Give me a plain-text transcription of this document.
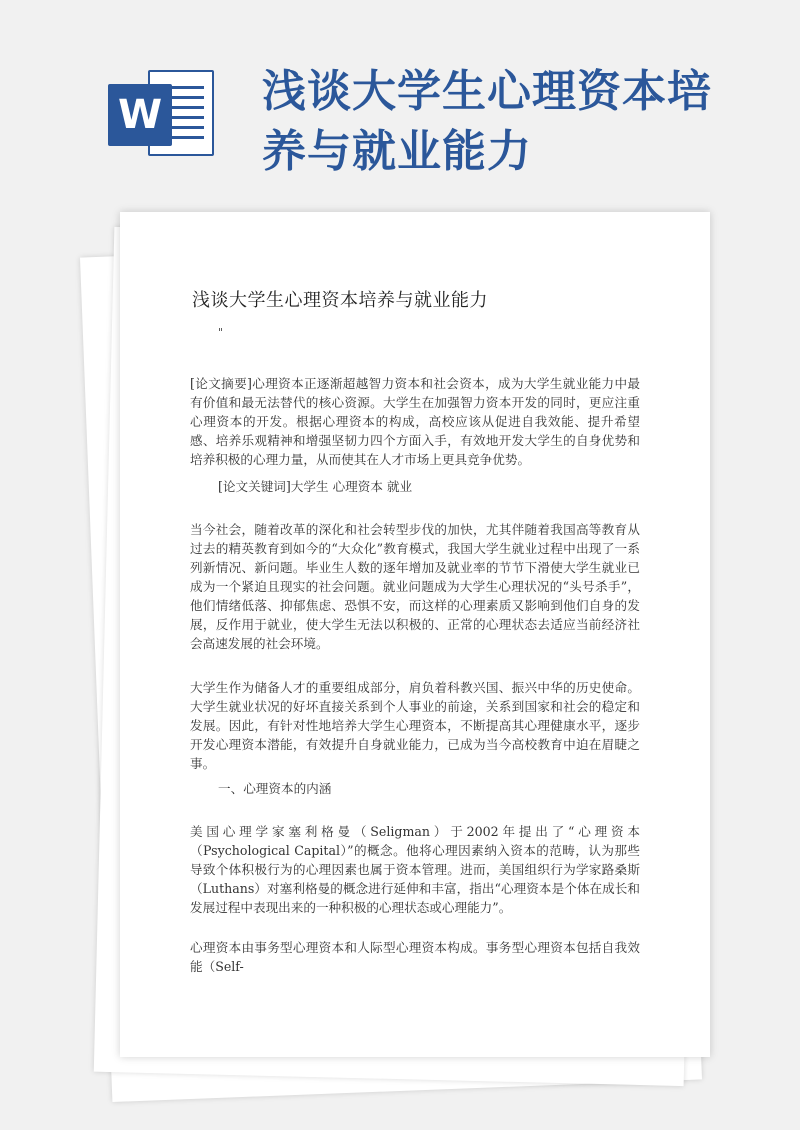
W 浅谈大学生心理资本培养与就业能力
浅谈大学生心理资本培养与就业能力
"
[论文摘要]心理资本正逐渐超越智力资本和社会资本，成为大学生就业能力中最有价值和最无法替代的核心资源。大学生在加强智力资本开发的同时，更应注重心理资本的开发。根据心理资本的构成，高校应该从促进自我效能、提升希望感、培养乐观精神和增强坚韧力四个方面入手，有效地开发大学生的自身优势和培养积极的心理力量，从而使其在人才市场上更具竞争优势。
[论文关键词]大学生 心理资本 就业
当今社会，随着改革的深化和社会转型步伐的加快，尤其伴随着我国高等教育从过去的精英教育到如今的“大众化”教育模式，我国大学生就业过程中出现了一系列新情况、新问题。毕业生人数的逐年增加及就业率的节节下滑使大学生就业已成为一个紧迫且现实的社会问题。就业问题成为大学生心理状况的“头号杀手”，他们情绪低落、抑郁焦虑、恐惧不安，而这样的心理素质又影响到他们自身的发展，反作用于就业，使大学生无法以积极的、正常的心理状态去适应当前经济社会高速发展的社会环境。
大学生作为储备人才的重要组成部分，肩负着科教兴国、振兴中华的历史使命。大学生就业状况的好坏直接关系到个人事业的前途，关系到国家和社会的稳定和发展。因此，有针对性地培养大学生心理资本，不断提高其心理健康水平，逐步开发心理资本潜能，有效提升自身就业能力，已成为当今高校教育中迫在眉睫之事。
一、心理资本的内涵
美国心理学家塞利格曼（Seligman）于2002年提出了“心理资本（Psychological Capital）”的概念。他将心理因素纳入资本的范畴，认为那些导致个体积极行为的心理因素也属于资本管理。进而，美国组织行为学家路桑斯（Luthans）对塞利格曼的概念进行延伸和丰富，指出“心理资本是个体在成长和发展过程中表现出来的一种积极的心理状态或心理能力”。
心理资本由事务型心理资本和人际型心理资本构成。事务型心理资本包括自我效能（Self-
